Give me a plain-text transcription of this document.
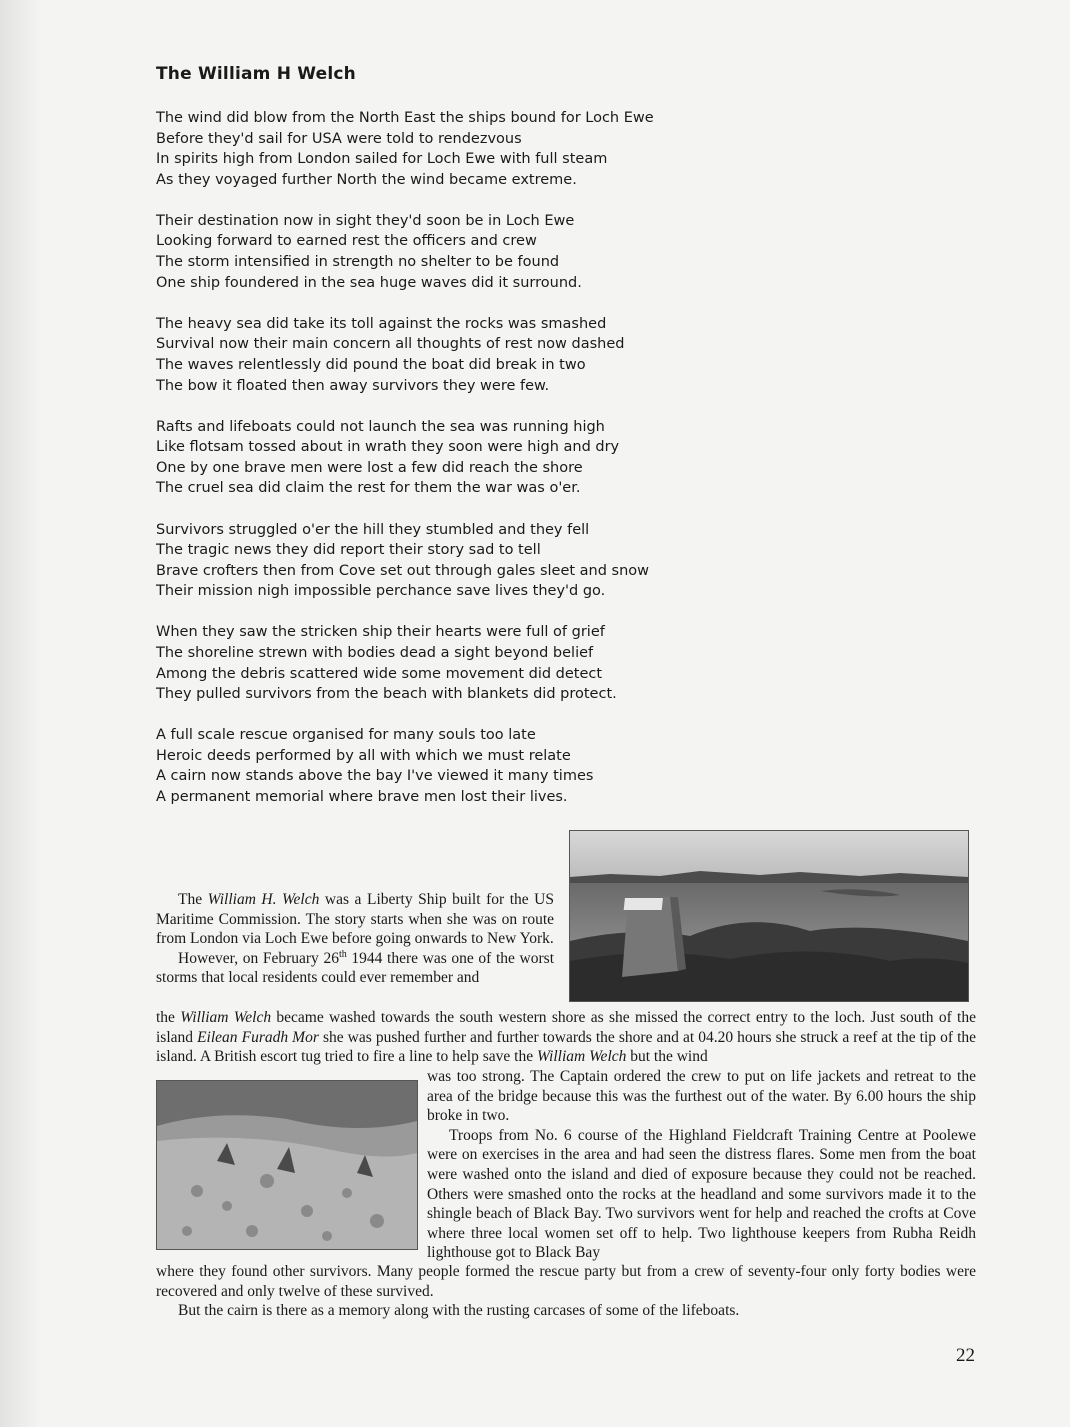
The William H Welch
The wind did blow from the North East the ships bound for Loch Ewe
Before they'd sail for USA were told to rendezvous
In spirits high from London sailed for Loch Ewe with full steam
As they voyaged further North the wind became extreme.
Their destination now in sight they'd soon be in Loch Ewe
Looking forward to earned rest the officers and crew
The storm intensified in strength no shelter to be found
One ship foundered in the sea huge waves did it surround.
The heavy sea did take its toll against the rocks was smashed
Survival now their main concern all thoughts of rest now dashed
The waves relentlessly did pound the boat did break in two
The bow it floated then away survivors they were few.
Rafts and lifeboats could not launch the sea was running high
Like flotsam tossed about in wrath they soon were high and dry
One by one brave men were lost a few did reach the shore
The cruel sea did claim the rest for them the war was o'er.
Survivors struggled o'er the hill they stumbled and they fell
The tragic news they did report their story sad to tell
Brave crofters then from Cove set out through gales sleet and snow
Their mission nigh impossible perchance save lives they'd go.
When they saw the stricken ship their hearts were full of grief
The shoreline strewn with bodies dead a sight beyond belief
Among the debris scattered wide some movement did detect
They pulled survivors from the beach with blankets did protect.
A full scale rescue organised for many souls too late
Heroic deeds performed by all with which we must relate
A cairn now stands above the bay I've viewed it many times
A permanent memorial where brave men lost their lives.

The William H. Welch was a Liberty Ship built for the US Maritime Commission. The story starts when she was on route from London via Loch Ewe before going onwards to New York.

However, on February 26th 1944 there was one of the worst storms that local residents could ever remember and

the William Welch became washed towards the south western shore as she missed the correct entry to the loch. Just south of the island Eilean Furadh Mor she was pushed further and further towards the shore and at 04.20 hours she struck a reef at the tip of the island. A British escort tug tried to fire a line to help save the William Welch but the wind

was too strong. The Captain ordered the crew to put on life jackets and retreat to the area of the bridge because this was the furthest out of the water. By 6.00 hours the ship broke in two.

Troops from No. 6 course of the Highland Fieldcraft Training Centre at Poolewe were on exercises in the area and had seen the distress flares. Some men from the boat were washed onto the island and died of exposure because they could not be reached. Others were smashed onto the rocks at the headland and some survivors made it to the shingle beach of Black Bay. Two survivors went for help and reached the crofts at Cove where three local women set off to help. Two lighthouse keepers from Rubha Reidh lighthouse got to Black Bay

where they found other survivors. Many people formed the rescue party but from a crew of seventy-four only forty bodies were recovered and only twelve of these survived.

But the cairn is there as a memory along with the rusting carcases of some of the lifeboats.

22
